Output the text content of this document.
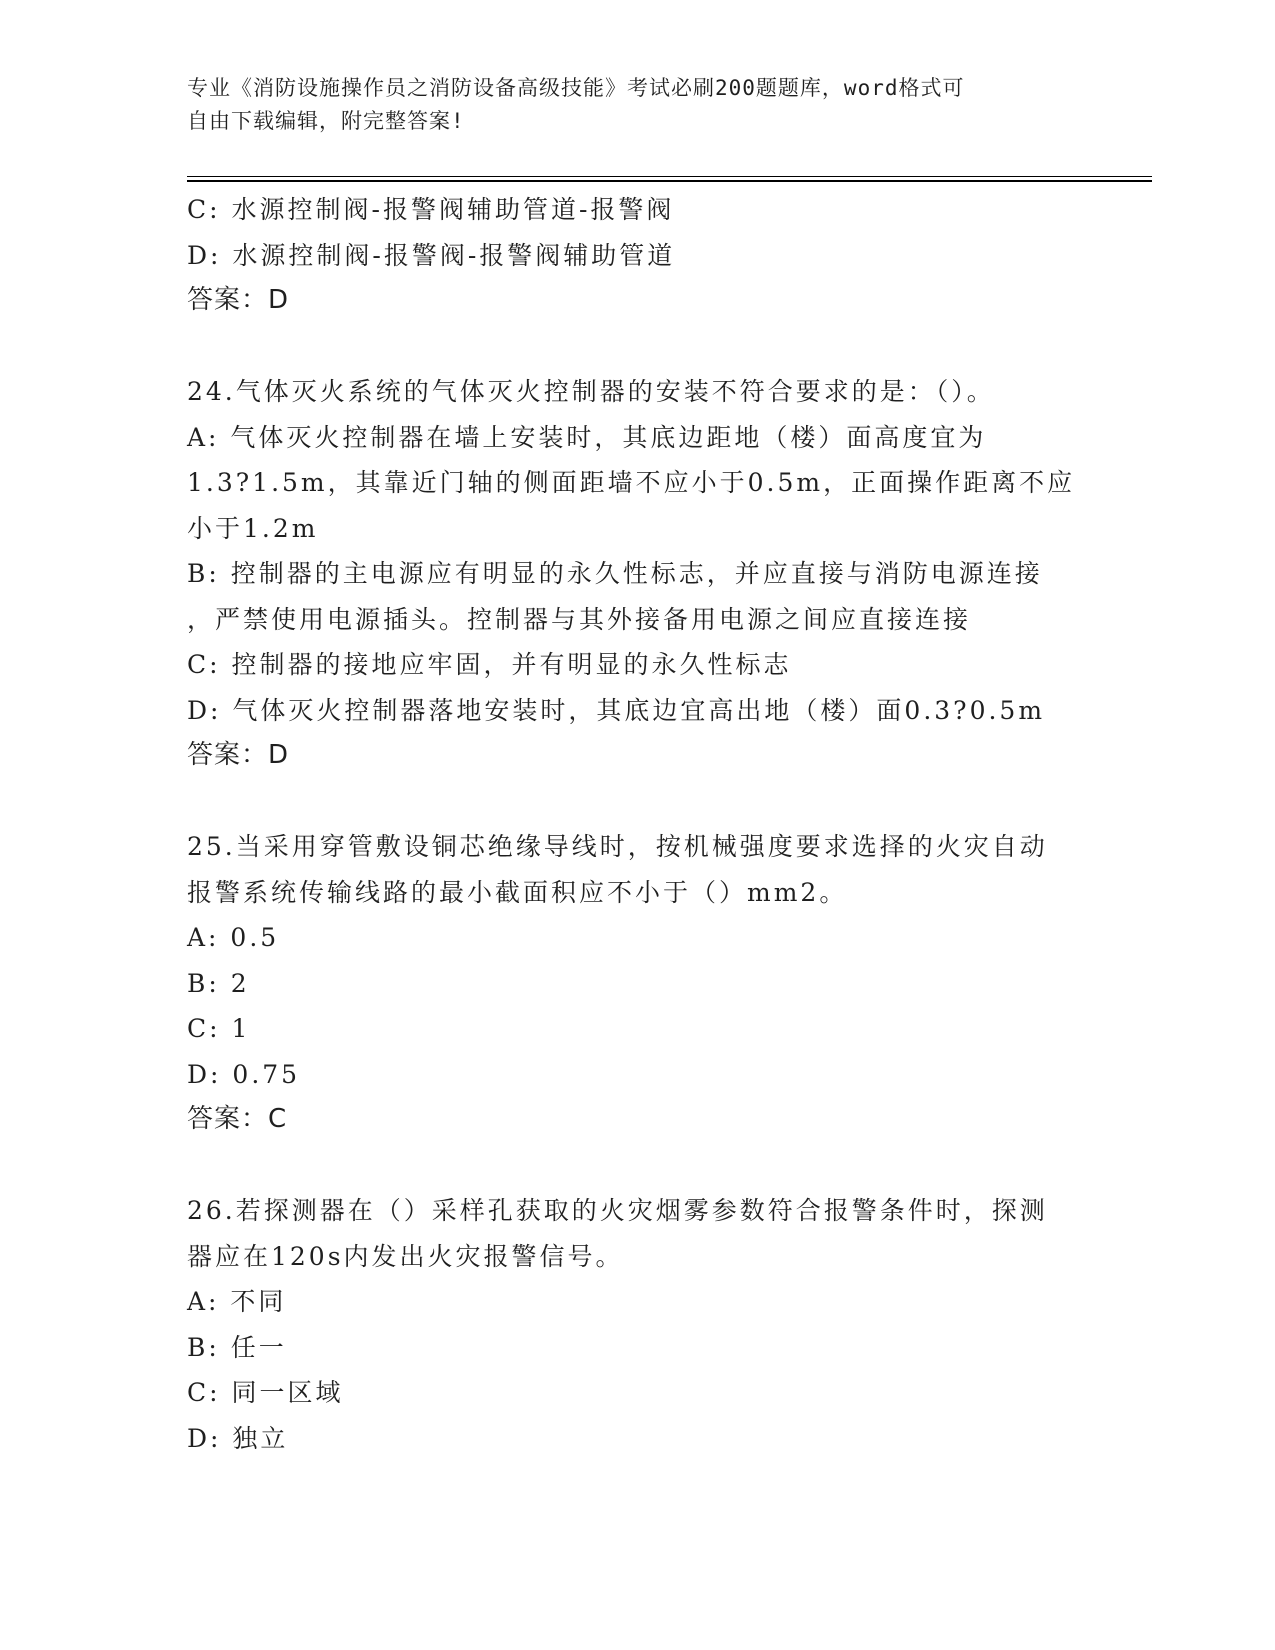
专业《消防设施操作员之消防设备高级技能》考试必刷200题题库，word格式可
自由下载编辑，附完整答案!
C: 水源控制阀-报警阀辅助管道-报警阀
D: 水源控制阀-报警阀-报警阀辅助管道
答案：D
24.气体灭火系统的气体灭火控制器的安装不符合要求的是：（）。
A: 气体灭火控制器在墙上安装时，其底边距地（楼）面高度宜为
1.3?1.5m，其靠近门轴的侧面距墙不应小于0.5m，正面操作距离不应
小于1.2m
B: 控制器的主电源应有明显的永久性标志，并应直接与消防电源连接
，严禁使用电源插头。控制器与其外接备用电源之间应直接连接
C: 控制器的接地应牢固，并有明显的永久性标志
D: 气体灭火控制器落地安装时，其底边宜高出地（楼）面0.3?0.5m
答案：D
25.当采用穿管敷设铜芯绝缘导线时，按机械强度要求选择的火灾自动
报警系统传输线路的最小截面积应不小于（）mm2。
A: 0.5
B: 2
C: 1
D: 0.75
答案：C
26.若探测器在（）采样孔获取的火灾烟雾参数符合报警条件时，探测
器应在120s内发出火灾报警信号。
A: 不同
B: 任一
C: 同一区域
D: 独立
